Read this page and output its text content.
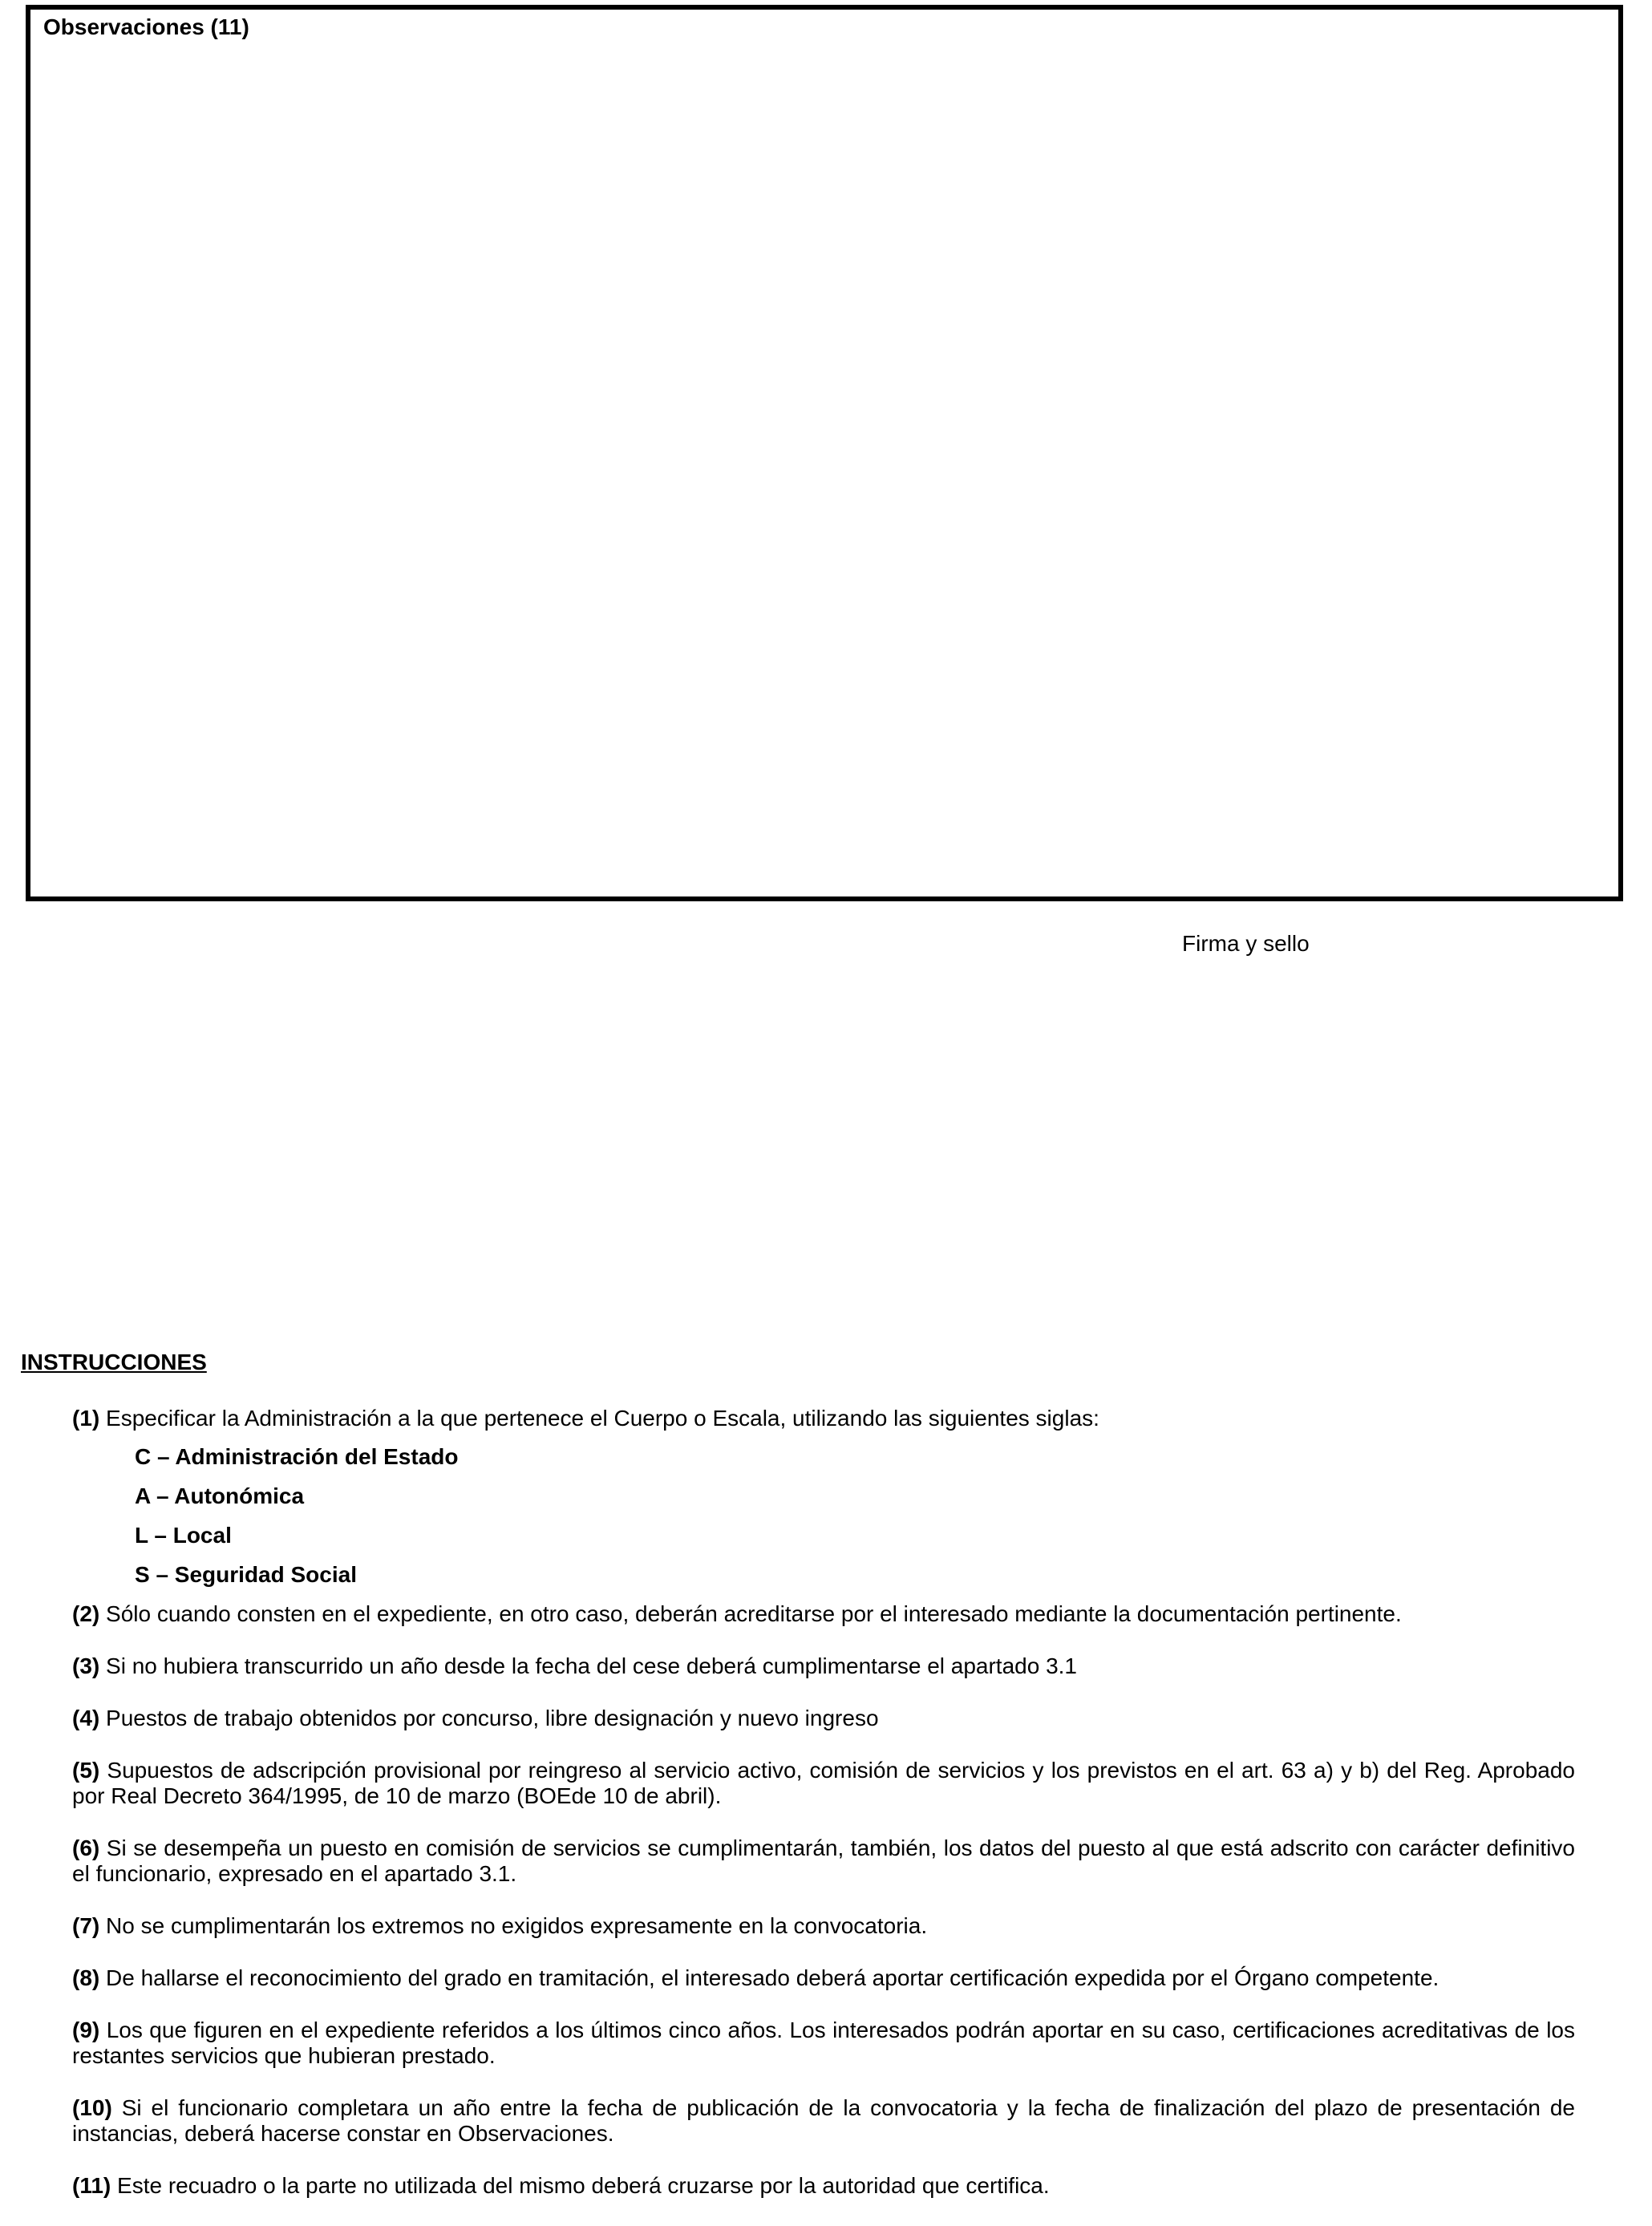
Observaciones (11)
Firma y sello
INSTRUCCIONES
(1) Especificar la Administración a la que pertenece el Cuerpo o Escala, utilizando las siguientes siglas:
C – Administración del Estado
A – Autonómica
L – Local
S – Seguridad Social
(2) Sólo cuando consten en el expediente, en otro caso, deberán acreditarse por el interesado mediante la documentación pertinente.
(3) Si no hubiera transcurrido un año desde la fecha del cese deberá cumplimentarse el apartado 3.1
(4) Puestos de trabajo obtenidos por concurso, libre designación y nuevo ingreso
(5) Supuestos de adscripción provisional por reingreso al servicio activo, comisión de servicios y los previstos en el art. 63 a) y b) del Reg. Aprobado por Real Decreto 364/1995, de 10 de marzo (BOEde 10 de abril).
(6) Si se desempeña un puesto en comisión de servicios se cumplimentarán, también, los datos del puesto al que está adscrito con carácter definitivo el funcionario, expresado en el apartado 3.1.
(7) No se cumplimentarán los extremos no exigidos expresamente en la convocatoria.
(8) De hallarse el reconocimiento del grado en tramitación, el interesado deberá aportar certificación expedida por el Órgano competente.
(9) Los que figuren en el expediente referidos a los últimos cinco años. Los interesados podrán aportar en su caso, certificaciones acreditativas de los restantes servicios que hubieran prestado.
(10) Si el funcionario completara un año entre la fecha de publicación de la convocatoria y la fecha de finalización del plazo de presentación de instancias, deberá hacerse constar en Observaciones.
(11) Este recuadro o la parte no utilizada del mismo deberá cruzarse por la autoridad que certifica.
